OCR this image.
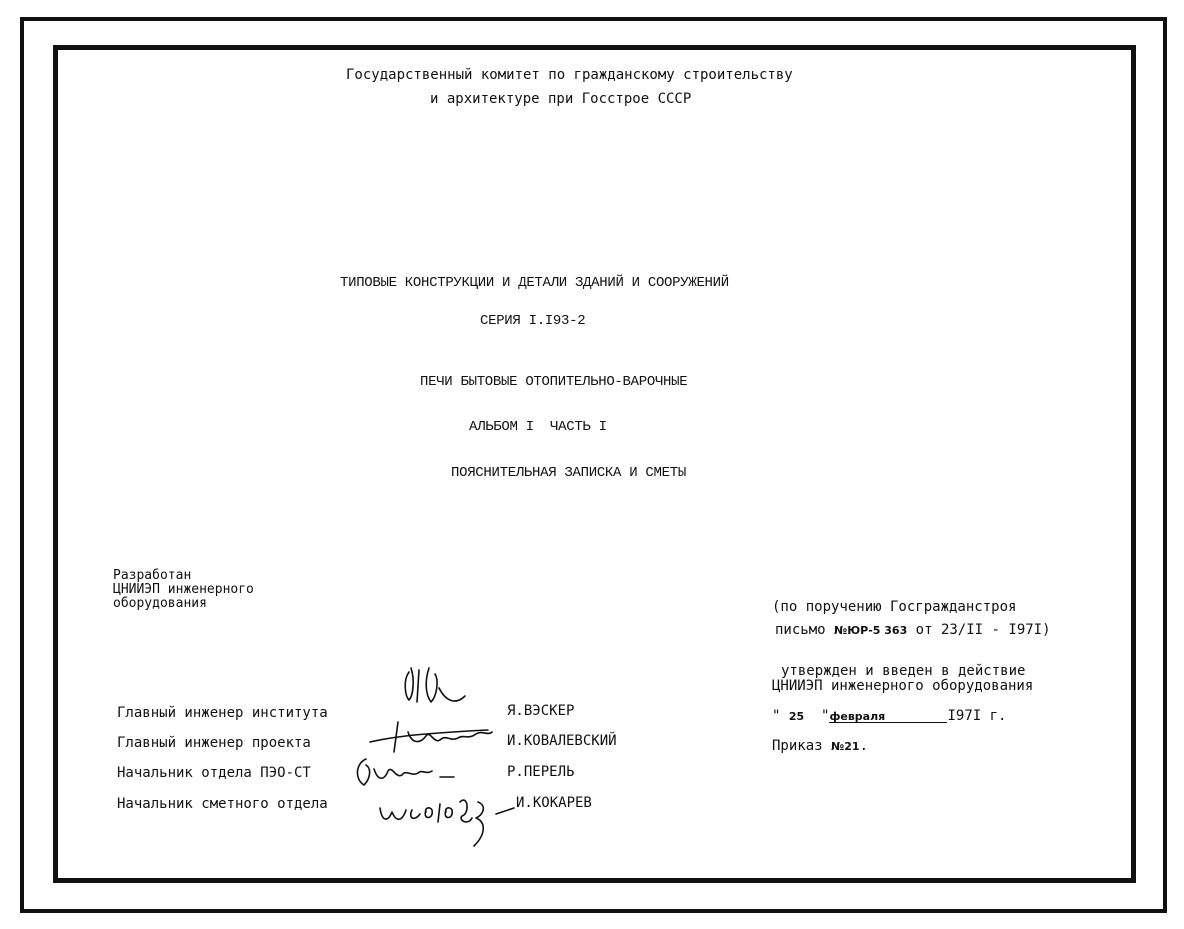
Государственный комитет по гражданскому строительству
и архитектуре при Госстрое СССР
ТИПОВЫЕ КОНСТРУКЦИИ И ДЕТАЛИ ЗДАНИЙ И СООРУЖЕНИЙ
СЕРИЯ I.I93-2
ПЕЧИ БЫТОВЫЕ ОТОПИТЕЛЬНО-ВАРОЧНЫЕ
АЛЬБОМ I  ЧАСТЬ I
ПОЯСНИТЕЛЬНАЯ ЗАПИСКА И СМЕТЫ
Разработан
ЦНИИЭП инженерного
оборудования
Главный инженер института	Я.ВЭСКЕР
Главный инженер проекта	И.КОВАЛЕВСКИЙ
Начальник отдела ПЭО-СТ	Р.ПЕРЕЛЬ
Начальник сметного отдела	И.КОКАРЕВ
(по поручению Госгражданстроя
письмо №ЮР-5 363 от 23/II - I97I)
утвержден и введен в действие
ЦНИИЭП инженерного оборудования
" 25  "февраля	I97I г.
Приказ №21.
